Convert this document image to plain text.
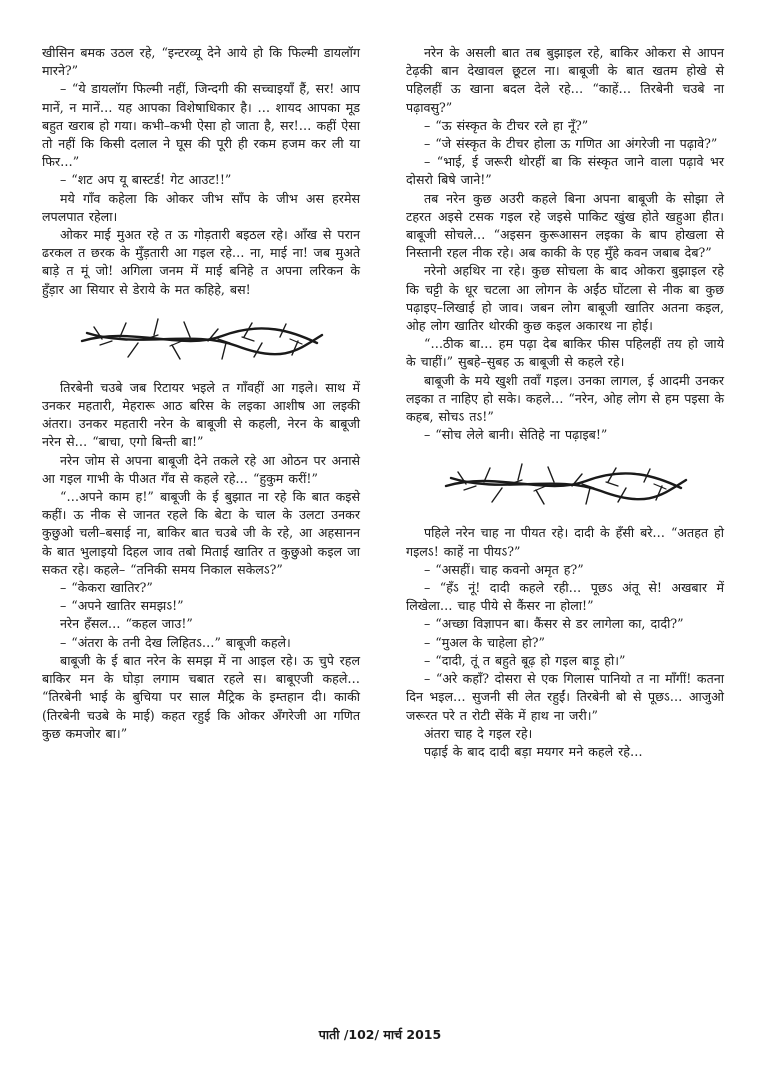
खीसिन बमक उठल रहे, “इन्टरव्यू देने आये हो कि फिल्मी डायलॉग मारने?”

– “ये डायलॉग फिल्मी नहीं, जिन्दगी की सच्चाइयाँ हैं, सर! आप मानें, न मानें… यह आपका विशेषाधिकार है। … शायद आपका मूड बहुत खराब हो गया। कभी–कभी ऐसा हो जाता है, सर!… कहीं ऐसा तो नहीं कि किसी दलाल ने घूस की पूरी ही रकम हजम कर ली या फिर…”

– “शट अप यू बास्टर्ड! गेट आउट!!”

मये गाँव कहेला कि ओकर जीभ साँप के जीभ अस हरमेस लपलपात रहेला।

ओकर माई मुअत रहे त ऊ गोड़तारी बइठल रहे। आँख से परान ढरकल त छरक के मुँड़तारी आ गइल रहे… ना, माई ना! जब मुअते बाड़े त मूं जो! अगिला जनम में माई बनिहे त अपना लरिकन के हुँड़ार आ सियार से डेराये के मत कहिहे, बस!

तिरबेनी चउबे जब रिटायर भइले त गाँवहीं आ गइले। साथ में उनकर महतारी, मेहरारू आठ बरिस के लइका आशीष आ लइकी अंतरा। उनकर महतारी नरेन के बाबूजी से कहली, नेरन के बाबूजी नरेन से… “बाचा, एगो बिन्ती बा!”

नरेन जोम से अपना बाबूजी देने तकले रहे आ ओठन पर अनासे आ गइल गाभी के पीअत गँव से कहले रहे… “हुकुम करीं!”

“…अपने काम ह!” बाबूजी के ई बुझात ना रहे कि बात कइसे कहीं। ऊ नीक से जानत रहले कि बेटा के चाल के उलटा उनकर कुछुओ चली–बसाई ना, बाकिर बात चउबे जी के रहे, आ अहसानन के बात भुलाइयो दिहल जाव तबो मिताई खातिर त कुछुओ कइल जा सकत रहे। कहले– “तनिकी समय निकाल सकेलऽ?”

– “केकरा खातिर?”

– “अपने खातिर समझऽ!”

नरेन हँसल… “कहल जाउ!”

– “अंतरा के तनी देख लिहितऽ…” बाबूजी कहले।

बाबूजी के ई बात नरेन के समझ में ना आइल रहे। ऊ चुपे रहल बाकिर मन के घोड़ा लगाम चबात रहले स। बाबूएजी कहले… “तिरबेनी भाई के बुचिया पर साल मैट्रिक के इम्तहान दी। काकी (तिरबेनी चउबे के माई) कहत रहुई कि ओकर अँगरेजी आ गणित कुछ कमजोर बा।”

नरेन के असली बात तब बुझाइल रहे, बाकिर ओकरा से आपन टेढ़की बान देखावल छूटल ना। बाबूजी के बात खतम होखे से पहिलहीं ऊ खाना बदल देले रहे… “काहें… तिरबेनी चउबे ना पढ़ावसु?”

– “ऊ संस्कृत के टीचर रले हा नूँ?”

– “जे संस्कृत के टीचर होला ऊ गणित आ अंगरेजी ना पढ़ावे?”

– “भाई, ई जरूरी थोरहीं बा कि संस्कृत जाने वाला पढ़ावे भर दोसरो बिषे जाने!”

तब नरेन कुछ अउरी कहले बिना अपना बाबूजी के सोझा ले टहरत अइसे टसक गइल रहे जइसे पाकिट खुंख होते खहुआ हीत। बाबूजी सोचले… “अइसन कुरूआसन लइका के बाप होखला से निस्तानी रहल नीक रहे। अब काकी के एह मुँहे कवन जबाब देब?”

नरेनो अहथिर ना रहे। कुछ सोचला के बाद ओकरा बुझाइल रहे कि चट्टी के धूर चटला आ लोगन के अईंठ घोंटला से नीक बा कुछ पढ़ाइए–लिखाई हो जाव। जबन लोग बाबूजी खातिर अतना कइल, ओह लोग खातिर थोरकी कुछ कइल अकारथ ना होई।

“…ठीक बा… हम पढ़ा देब बाकिर फीस पहिलहीं तय हो जाये के चाहीं।” सुबहे–सुबह ऊ बाबूजी से कहले रहे।

बाबूजी के मये खुशी तवाँ गइल। उनका लागल, ई आदमी उनकर लइका त नाहिए हो सके। कहले… “नरेन, ओह लोग से हम पइसा के कहब, सोचऽ तऽ!”

– “सोच लेले बानी। सेतिहे ना पढ़ाइब!”

पहिले नरेन चाह ना पीयत रहे। दादी के हँसी बरे… “अतहत हो गइलऽ! काहें ना पीयऽ?”

– “असहीं। चाह कवनो अमृत ह?”

– “हँऽ नूं! दादी कहले रही… पूछऽ अंतू से! अखबार में लिखेला… चाह पीये से कैंसर ना होला!”

– “अच्छा विज्ञापन बा। कैंसर से डर लागेला का, दादी?”

– “मुअल के चाहेला हो?”

– “दादी, तूं त बहुते बूढ़ हो गइल बाड़ू हो।”

– “अरे कहाँ? दोसरा से एक गिलास पानियो त ना माँगीं! कतना दिन भइल… सुजनी सी लेत रहुईं। तिरबेनी बो से पूछऽ… आजुओ जरूरत परे त रोटी सेंके में हाथ ना जरी।”

अंतरा चाह दे गइल रहे।

पढ़ाई के बाद दादी बड़ा मयगर मने कहले रहे…

पाती /102/ मार्च 2015
